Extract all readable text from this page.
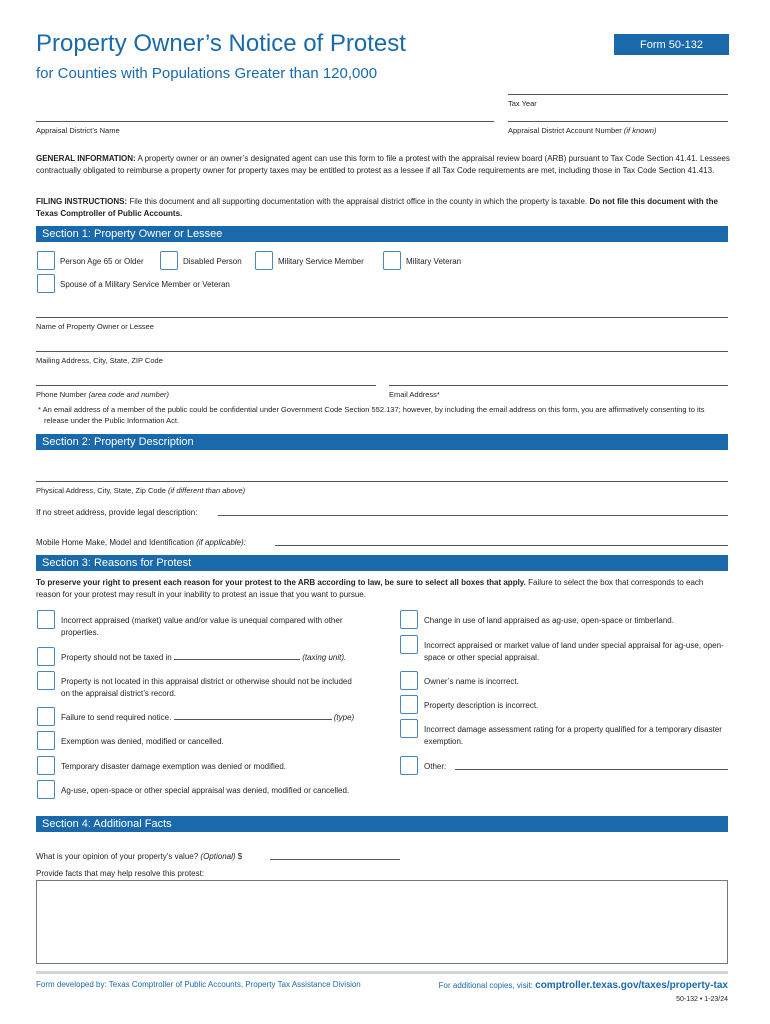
Property Owner’s Notice of Protest	Form 50-132
for Counties with Populations Greater than 120,000
Tax Year
Appraisal District’s Name	Appraisal District Account Number (if known)
GENERAL INFORMATION: A property owner or an owner’s designated agent can use this form to file a protest with the appraisal review board (ARB) pursuant to Tax Code Section 41.41. Lessees contractually obligated to reimburse a property owner for property taxes may be entitled to protest as a lessee if all Tax Code requirements are met, including those in Tax Code Section 41.413.
FILING INSTRUCTIONS: File this document and all supporting documentation with the appraisal district office in the county in which the property is taxable. Do not file this document with the Texas Comptroller of Public Accounts.
Section 1: Property Owner or Lessee
Person Age 65 or Older	Disabled Person	Military Service Member	Military Veteran
Spouse of a Military Service Member or Veteran
Name of Property Owner or Lessee
Mailing Address, City, State, ZIP Code
Phone Number (area code and number)	Email Address*
* An email address of a member of the public could be confidential under Government Code Section 552.137; however, by including the email address on this form, you are affirmatively consenting to its release under the Public Information Act.
Section 2: Property Description
Physical Address, City, State, Zip Code (if different than above)
If no street address, provide legal description:
Mobile Home Make, Model and Identification (if applicable):
Section 3: Reasons for Protest
To preserve your right to present each reason for your protest to the ARB according to law, be sure to select all boxes that apply. Failure to select the box that corresponds to each reason for your protest may result in your inability to protest an issue that you want to pursue.
Incorrect appraised (market) value and/or value is unequal compared with other properties.
Property should not be taxed in	(taxing unit).
Property is not located in this appraisal district or otherwise should not be included on the appraisal district’s record.
Failure to send required notice.	(type)
Exemption was denied, modified or cancelled.
Temporary disaster damage exemption was denied or modified.
Ag-use, open-space or other special appraisal was denied, modified or cancelled.
Change in use of land appraised as ag-use, open-space or timberland.
Incorrect appraised or market value of land under special appraisal for ag-use, open-space or other special appraisal.
Owner’s name is incorrect.
Property description is incorrect.
Incorrect damage assessment rating for a property qualified for a temporary disaster exemption.
Other:
Section 4: Additional Facts
What is your opinion of your property’s value? (Optional) $
Provide facts that may help resolve this protest:
Form developed by: Texas Comptroller of Public Accounts, Property Tax Assistance Division	For additional copies, visit: comptroller.texas.gov/taxes/property-tax
50-132 • 1-23/24
